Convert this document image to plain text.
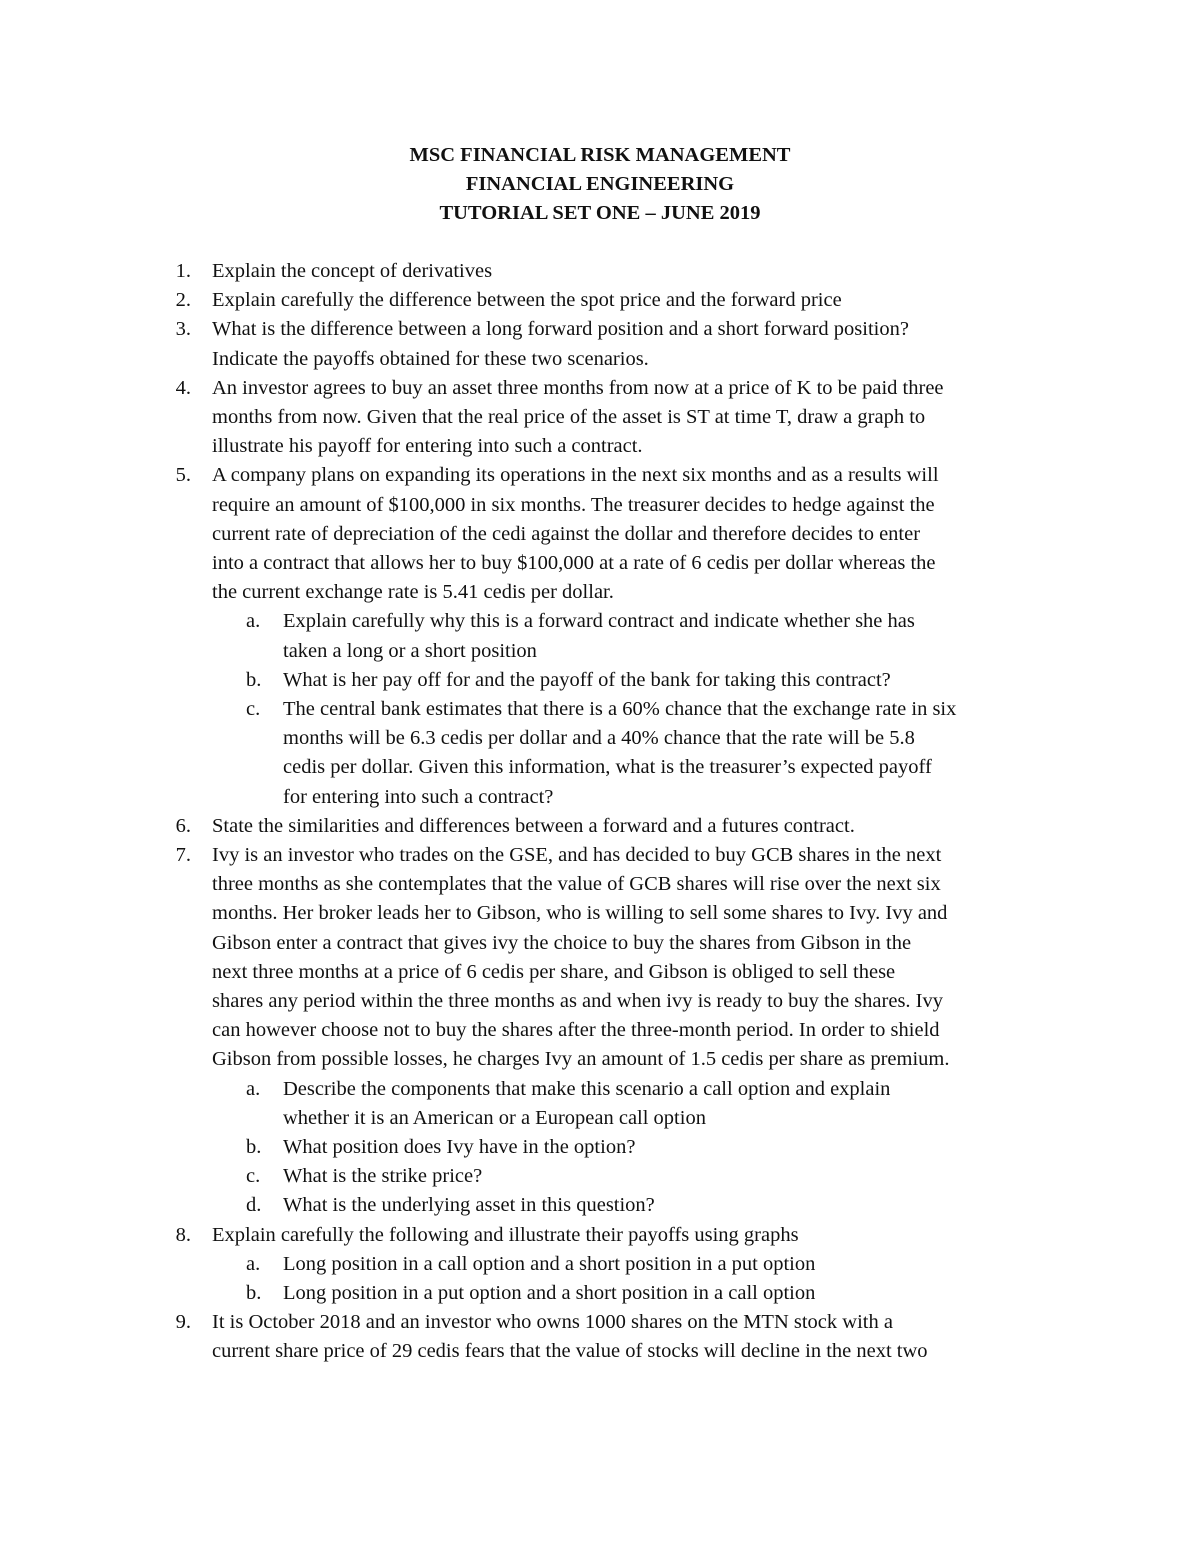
MSC FINANCIAL RISK MANAGEMENT
FINANCIAL ENGINEERING
TUTORIAL SET ONE – JUNE 2019
1. Explain the concept of derivatives
2. Explain carefully the difference between the spot price and the forward price
3. What is the difference between a long forward position and a short forward position?
Indicate the payoffs obtained for these two scenarios.
4. An investor agrees to buy an asset three months from now at a price of K to be paid three
months from now. Given that the real price of the asset is ST at time T, draw a graph to
illustrate his payoff for entering into such a contract.
5. A company plans on expanding its operations in the next six months and as a results will
require an amount of $100,000 in six months. The treasurer decides to hedge against the
current rate of depreciation of the cedi against the dollar and therefore decides to enter
into a contract that allows her to buy $100,000 at a rate of 6 cedis per dollar whereas the
the current exchange rate is 5.41 cedis per dollar.
a. Explain carefully why this is a forward contract and indicate whether she has
taken a long or a short position
b. What is her pay off for and the payoff of the bank for taking this contract?
c. The central bank estimates that there is a 60% chance that the exchange rate in six
months will be 6.3 cedis per dollar and a 40% chance that the rate will be 5.8
cedis per dollar. Given this information, what is the treasurer’s expected payoff
for entering into such a contract?
6. State the similarities and differences between a forward and a futures contract.
7. Ivy is an investor who trades on the GSE, and has decided to buy GCB shares in the next
three months as she contemplates that the value of GCB shares will rise over the next six
months. Her broker leads her to Gibson, who is willing to sell some shares to Ivy. Ivy and
Gibson enter a contract that gives ivy the choice to buy the shares from Gibson in the
next three months at a price of 6 cedis per share, and Gibson is obliged to sell these
shares any period within the three months as and when ivy is ready to buy the shares. Ivy
can however choose not to buy the shares after the three-month period. In order to shield
Gibson from possible losses, he charges Ivy an amount of 1.5 cedis per share as premium.
a. Describe the components that make this scenario a call option and explain
whether it is an American or a European call option
b. What position does Ivy have in the option?
c. What is the strike price?
d. What is the underlying asset in this question?
8. Explain carefully the following and illustrate their payoffs using graphs
a. Long position in a call option and a short position in a put option
b. Long position in a put option and a short position in a call option
9. It is October 2018 and an investor who owns 1000 shares on the MTN stock with a
current share price of 29 cedis fears that the value of stocks will decline in the next two
